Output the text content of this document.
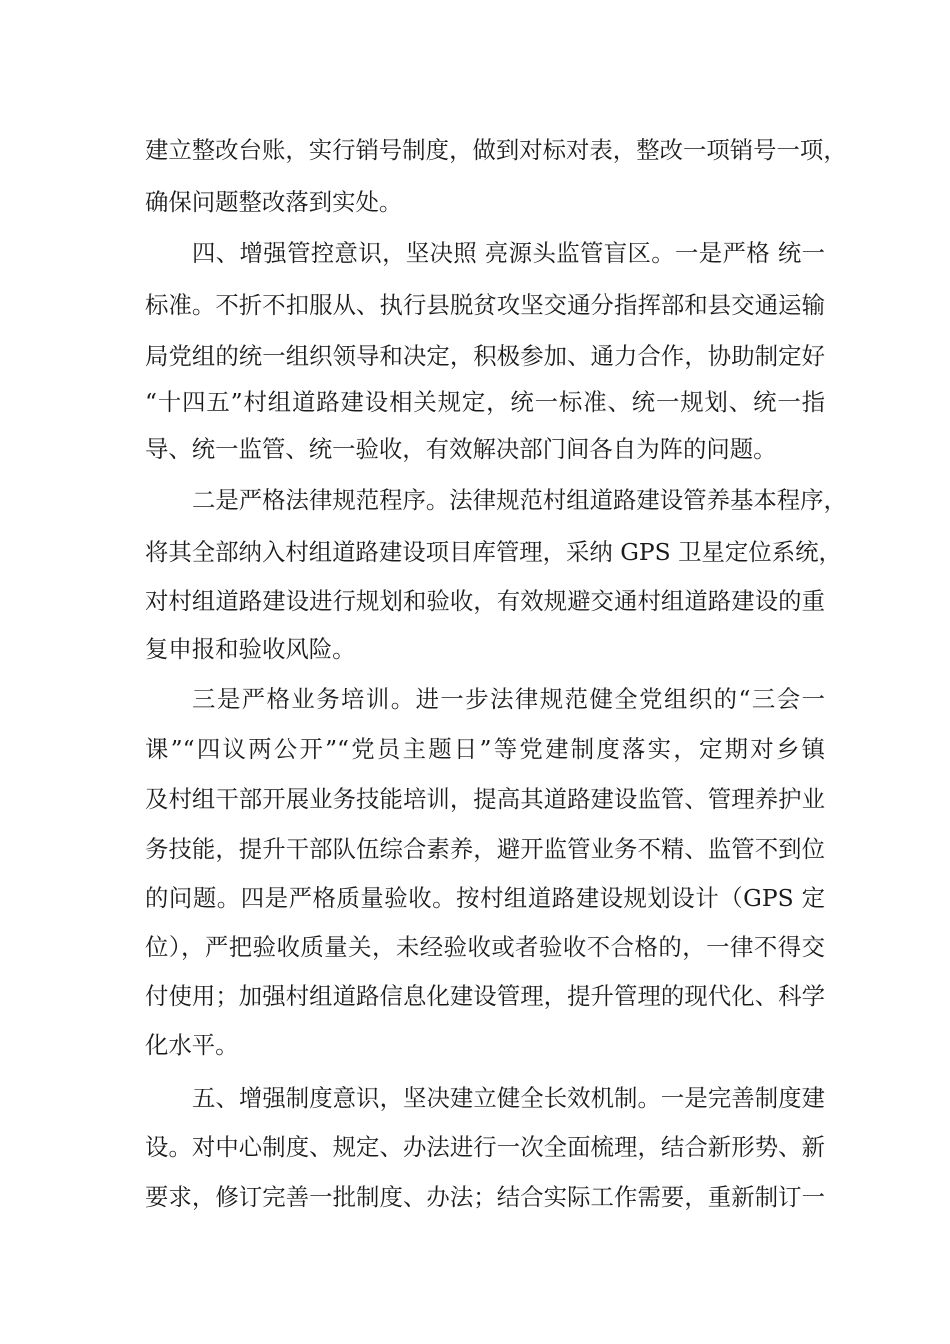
建立整改台账，实行销号制度，做到对标对表，整改一项销号一项，
确保问题整改落到实处。
四、增强管控意识，坚决照 亮源头监管盲区。一是严格 统一
标准。不折不扣服从、执行县脱贫攻坚交通分指挥部和县交通运输
局党组的统一组织领导和决定，积极参加、通力合作，协助制定好
“十四五”村组道路建设相关规定，统一标准、统一规划、统一指
导、统一监管、统一验收，有效解决部门间各自为阵的问题。
二是严格法律规范程序。法律规范村组道路建设管养基本程序，
将其全部纳入村组道路建设项目库管理，采纳 GPS 卫星定位系统，
对村组道路建设进行规划和验收，有效规避交通村组道路建设的重
复申报和验收风险。
三是严格业务培训。进一步法律规范健全党组织的“三会一
课”“四议两公开”“党员主题日”等党建制度落实，定期对乡镇
及村组干部开展业务技能培训，提高其道路建设监管、管理养护业
务技能，提升干部队伍综合素养，避开监管业务不精、监管不到位
的问题。四是严格质量验收。按村组道路建设规划设计（GPS 定
位），严把验收质量关，未经验收或者验收不合格的，一律不得交
付使用；加强村组道路信息化建设管理，提升管理的现代化、科学
化水平。
五、增强制度意识，坚决建立健全长效机制。一是完善制度建
设。对中心制度、规定、办法进行一次全面梳理，结合新形势、新
要求，修订完善一批制度、办法；结合实际工作需要，重新制订一
